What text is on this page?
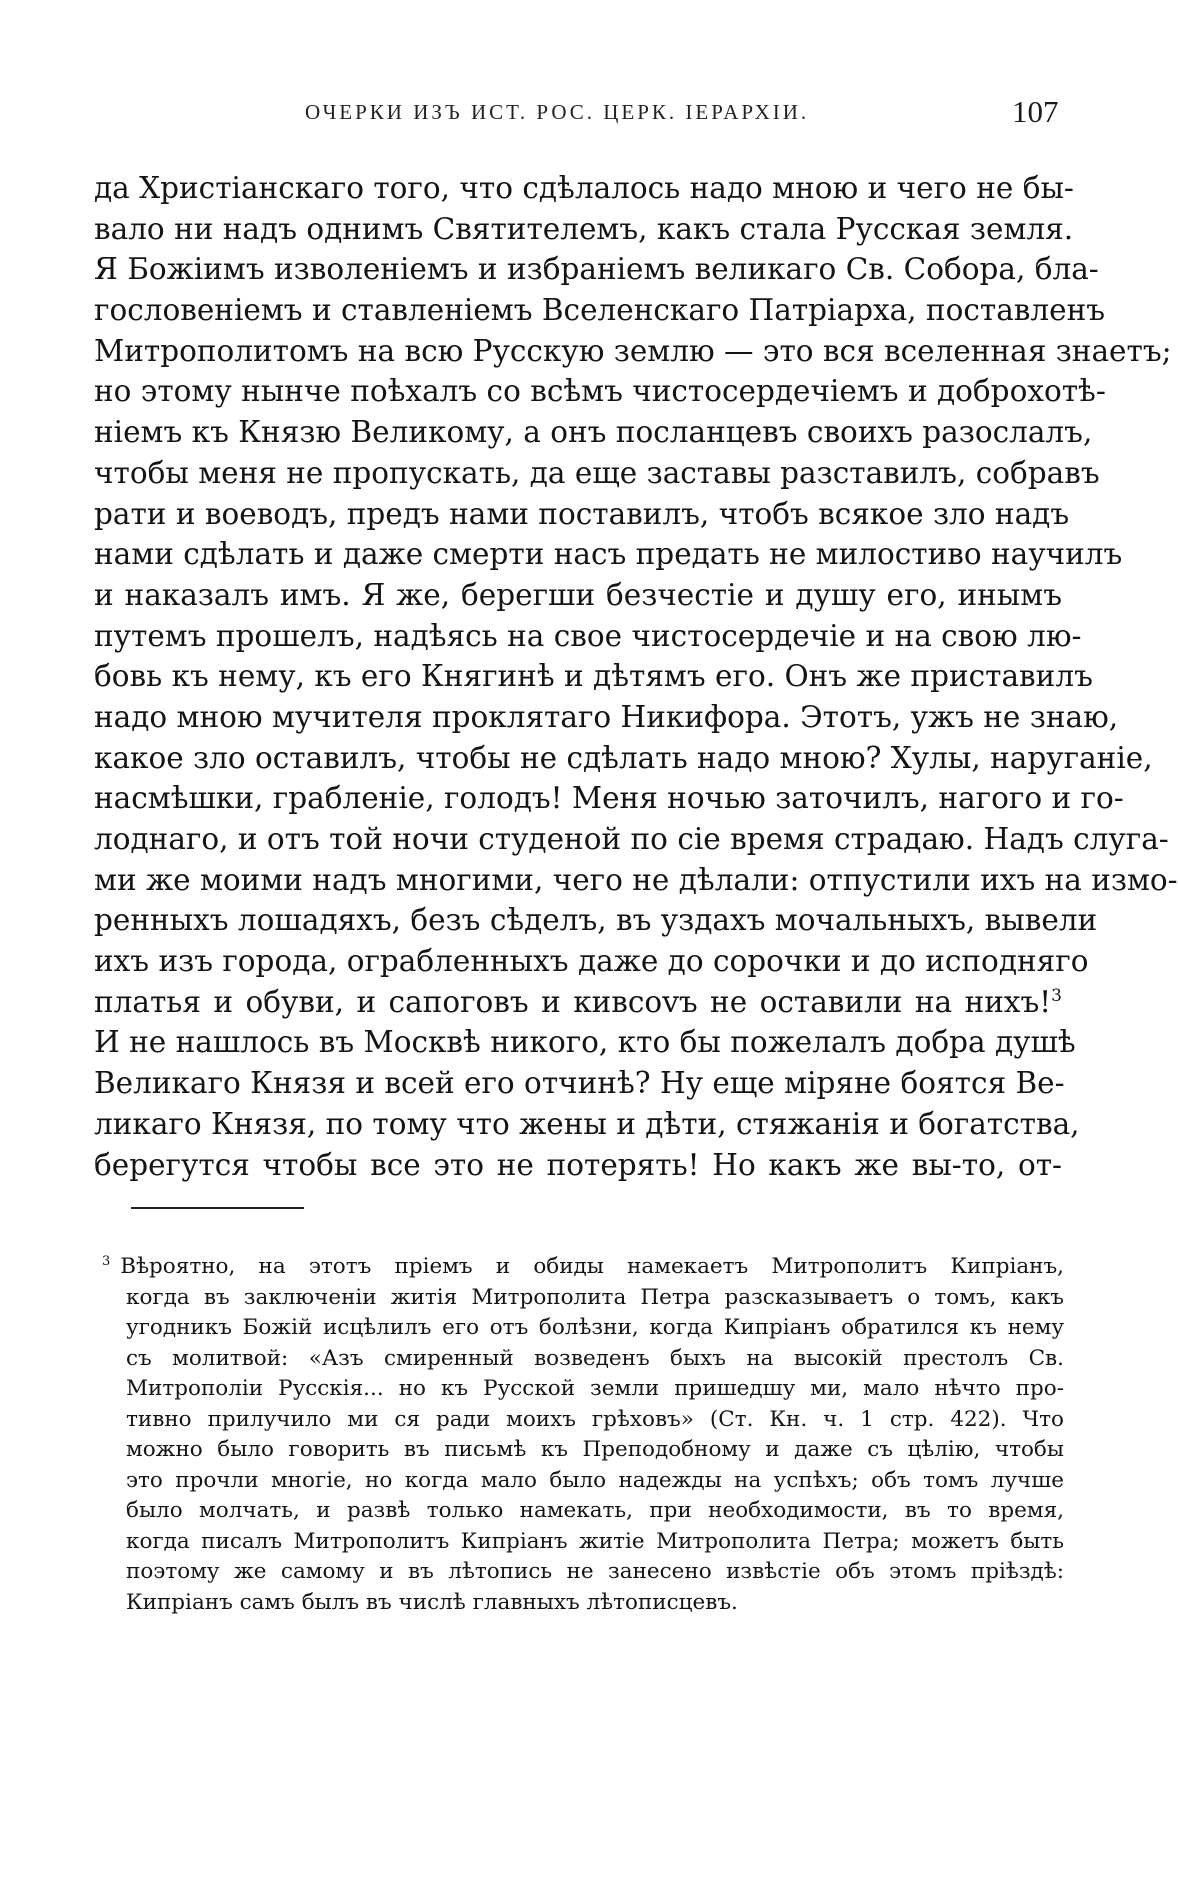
ОЧЕРКИ ИЗЪ ИСТ. РОС. ЦЕРК. ІЕРАРХІИ.	107
да Христіанскаго того, что сдѣлалось надо мною и чего не бы-
вало ни надъ однимъ Святителемъ, какъ стала Русская земля.
Я Божіимъ изволеніемъ и избраніемъ великаго Св. Собора, бла-
гословеніемъ и ставленіемъ Вселенскаго Патріарха, поставленъ
Митрополитомъ на всю Русскую землю — это вся вселенная знаетъ;
но этому нынче поѣхалъ со всѣмъ чистосердечіемъ и доброхотѣ-
ніемъ къ Князю Великому, а онъ посланцевъ своихъ разослалъ,
чтобы меня не пропускать, да еще заставы разставилъ, собравъ
рати и воеводъ, предъ нами поставилъ, чтобъ всякое зло надъ
нами сдѣлать и даже смерти насъ предать не милостиво научилъ
и наказалъ имъ. Я же, берегши безчестіе и душу его, инымъ
путемъ прошелъ, надѣясь на свое чистосердечіе и на свою лю-
бовь къ нему, къ его Княгинѣ и дѣтямъ его. Онъ же приставилъ
надо мною мучителя проклятаго Никифора. Этотъ, ужъ не знаю,
какое зло оставилъ, чтобы не сдѣлать надо мною? Хулы, наруганіе,
насмѣшки, грабленіе, голодъ! Меня ночью заточилъ, нагого и го-
лоднаго, и отъ той ночи студеной по сіе время страдаю. Надъ слуга-
ми же моими надъ многими, чего не дѣлали: отпустили ихъ на измо-
ренныхъ лошадяхъ, безъ сѣделъ, въ уздахъ мочальныхъ, вывели
ихъ изъ города, ограбленныхъ даже до сорочки и до исподняго
платья и обуви, и сапоговъ и кивcovъ не оставили на нихъ!$^3$
И не нашлось въ Москвѣ никого, кто бы пожелалъ добра душѣ
Великаго Князя и всей его отчинѣ? Ну еще міряне боятся Ве-
ликаго Князя, по тому что жены и дѣти, стяжанія и богатства,
берегутся чтобы все это не потерять! Но какъ же вы-то, от-
$^3$ Вѣроятно, на этотъ пріемъ и обиды намекаетъ Митрополитъ Кипріанъ,
когда въ заключеніи житія Митрополита Петра разсказываетъ о томъ, какъ
угодникъ Божій исцѣлилъ его отъ болѣзни, когда Кипріанъ обратился къ нему
съ молитвой: «Азъ смиренный возведенъ быхъ на высокій престолъ Св.
Митрополіи Русскія... но къ Русской земли пришедшу ми, мало нѣчто про-
тивно прилучило ми ся ради моихъ грѣховъ» (Ст. Кн. ч. 1 стр. 422). Что
можно было говорить въ письмѣ къ Преподобному и даже съ цѣлію, чтобы
это прочли многіе, но когда мало было надежды на успѣхъ; объ томъ лучше
было молчать, и развѣ только намекать, при необходимости, въ то время,
когда писалъ Митрополитъ Кипріанъ житіе Митрополита Петра; можетъ быть
поэтому же самому и въ лѣтопись не занесено извѣстіе объ этомъ пріѣздѣ:
Кипріанъ самъ былъ въ числѣ главныхъ лѣтописцевъ.
